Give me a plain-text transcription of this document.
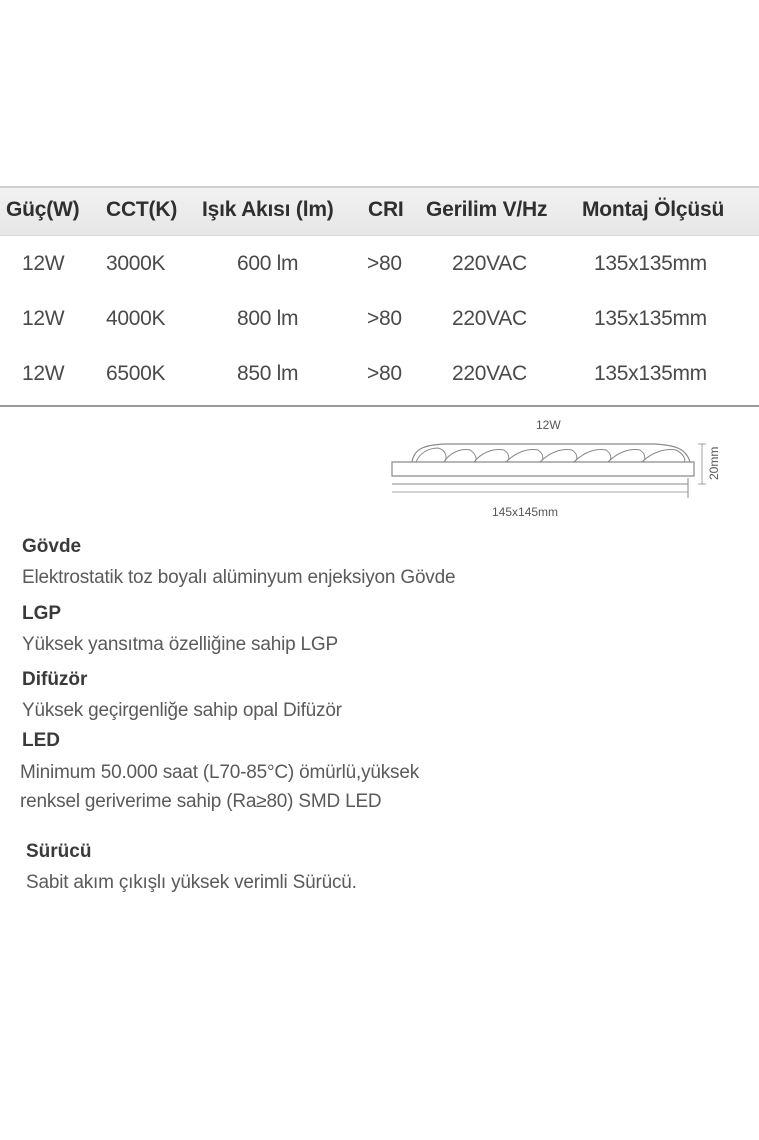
Güç(W) CCT(K) Işık Akısı (lm) CRI Gerilim V/Hz Montaj Ölçüsü
12W 3000K	600 lm	>80 220VAC	135x135mm
12W 4000K	800 lm	>80 220VAC	135x135mm
12W 6500K	850 lm	>80 220VAC	135x135mm
12W
20mm
145x145mm
Gövde
Elektrostatik toz boyalı alüminyum enjeksiyon Gövde
LGP
Yüksek yansıtma özelliğine sahip LGP
Difüzör
Yüksek geçirgenliğe sahip opal Difüzör
LED
Minimum 50.000 saat (L70-85°C) ömürlü,yüksek
renksel geriverime sahip (Ra≥80) SMD LED
Sürücü
Sabit akım çıkışlı yüksek verimli Sürücü.
